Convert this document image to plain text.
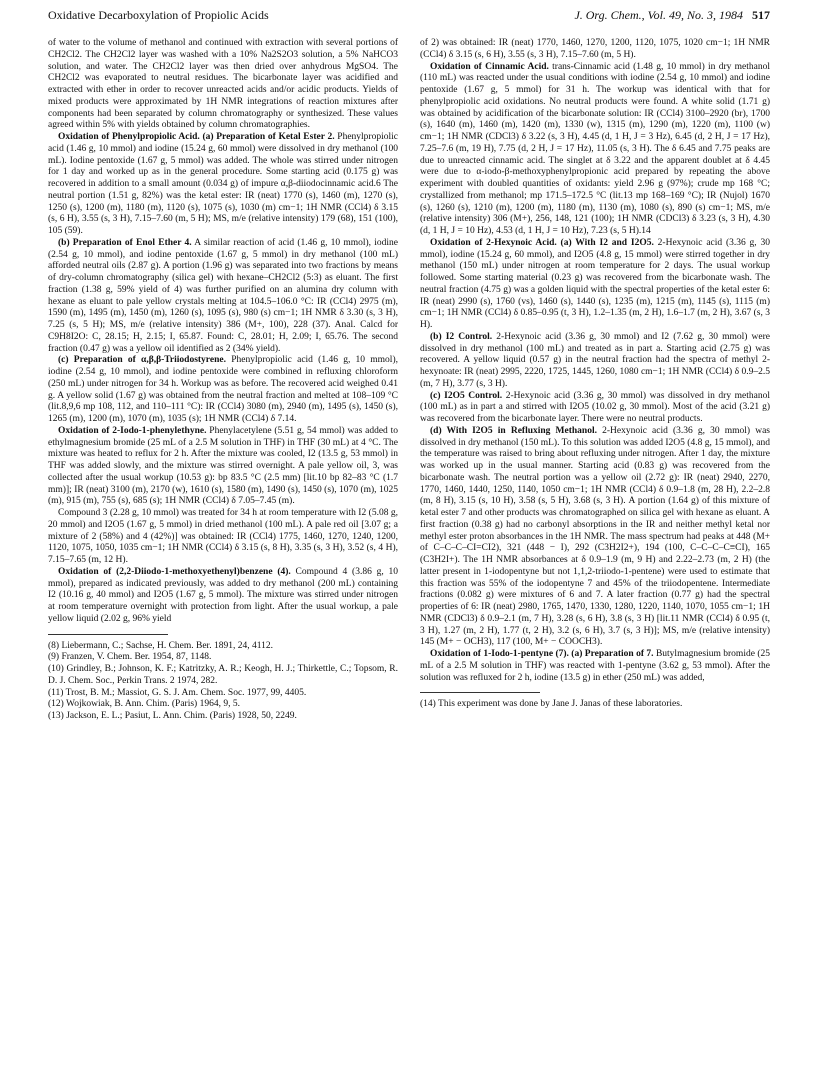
Oxidative Decarboxylation of Propiolic Acids	J. Org. Chem., Vol. 49, No. 3, 1984 517

of water to the volume of methanol and continued with extraction with several portions of CH2Cl2. The CH2Cl2 layer was washed with a 10% Na2S2O3 solution, a 5% NaHCO3 solution, and water. The CH2Cl2 layer was then dried over anhydrous MgSO4. The CH2Cl2 was evaporated to neutral residues. The bicarbonate layer was acidified and extracted with ether in order to recover unreacted acids and/or acidic products. Yields of mixed products were approximated by 1H NMR integrations of reaction mixtures after components had been separated by column chromatography or synthesized. These values agreed within 5% with yields obtained by column chromatographies.

Oxidation of Phenylpropiolic Acid. (a) Preparation of Ketal Ester 2. Phenylpropiolic acid (1.46 g, 10 mmol) and iodine (15.24 g, 60 mmol) were dissolved in dry methanol (100 mL). Iodine pentoxide (1.67 g, 5 mmol) was added. The whole was stirred under nitrogen for 1 day and worked up as in the general procedure. Some starting acid (0.175 g) was recovered in addition to a small amount (0.034 g) of impure α,β-diiodocinnamic acid.6 The neutral portion (1.51 g, 82%) was the ketal ester: IR (neat) 1770 (s), 1460 (m), 1270 (s), 1250 (s), 1200 (m), 1180 (m), 1120 (s), 1075 (s), 1030 (m) cm−1; 1H NMR (CCl4) δ 3.15 (s, 6 H), 3.55 (s, 3 H), 7.15–7.60 (m, 5 H); MS, m/e (relative intensity) 179 (68), 151 (100), 105 (59).

(b) Preparation of Enol Ether 4. A similar reaction of acid (1.46 g, 10 mmol), iodine (2.54 g, 10 mmol), and iodine pentoxide (1.67 g, 5 mmol) in dry methanol (100 mL) afforded neutral oils (2.87 g). A portion (1.96 g) was separated into two fractions by means of dry-column chromatography (silica gel) with hexane–CH2Cl2 (5:3) as eluant. The first fraction (1.38 g, 59% yield of 4) was further purified on an alumina dry column with hexane as eluant to pale yellow crystals melting at 104.5–106.0 °C: IR (CCl4) 2975 (m), 1590 (m), 1495 (m), 1450 (m), 1260 (s), 1095 (s), 980 (s) cm−1; 1H NMR δ 3.30 (s, 3 H), 7.25 (s, 5 H); MS, m/e (relative intensity) 386 (M+, 100), 228 (37). Anal. Calcd for C9H8I2O: C, 28.15; H, 2.15; I, 65.87. Found: C, 28.01; H, 2.09; I, 65.76. The second fraction (0.47 g) was a yellow oil identified as 2 (34% yield).

(c) Preparation of α,β,β-Triiodostyrene. Phenylpropiolic acid (1.46 g, 10 mmol), iodine (2.54 g, 10 mmol), and iodine pentoxide were combined in refluxing chloroform (250 mL) under nitrogen for 34 h. Workup was as before. The recovered acid weighed 0.41 g. A yellow solid (1.67 g) was obtained from the neutral fraction and melted at 108–109 °C (lit.8,9,6 mp 108, 112, and 110–111 °C): IR (CCl4) 3080 (m), 2940 (m), 1495 (s), 1450 (s), 1265 (m), 1200 (m), 1070 (m), 1035 (s); 1H NMR (CCl4) δ 7.14.

Oxidation of 2-Iodo-1-phenylethyne. Phenylacetylene (5.51 g, 54 mmol) was added to ethylmagnesium bromide (25 mL of a 2.5 M solution in THF) in THF (30 mL) at 4 °C. The mixture was heated to reflux for 2 h. After the mixture was cooled, I2 (13.5 g, 53 mmol) in THF was added slowly, and the mixture was stirred overnight. A pale yellow oil, 3, was collected after the usual workup (10.53 g): bp 83.5 °C (2.5 mm) [lit.10 bp 82–83 °C (1.7 mm)]; IR (neat) 3100 (m), 2170 (w), 1610 (s), 1580 (m), 1490 (s), 1450 (s), 1070 (m), 1025 (m), 915 (m), 755 (s), 685 (s); 1H NMR (CCl4) δ 7.05–7.45 (m).

Compound 3 (2.28 g, 10 mmol) was treated for 34 h at room temperature with I2 (5.08 g, 20 mmol) and I2O5 (1.67 g, 5 mmol) in dried methanol (100 mL). A pale red oil [3.07 g; a mixture of 2 (58%) and 4 (42%)] was obtained: IR (CCl4) 1775, 1460, 1270, 1240, 1200, 1120, 1075, 1050, 1035 cm−1; 1H NMR (CCl4) δ 3.15 (s, 8 H), 3.35 (s, 3 H), 3.52 (s, 4 H), 7.15–7.65 (m, 12 H).

Oxidation of (2,2-Diiodo-1-methoxyethenyl)benzene (4). Compound 4 (3.86 g, 10 mmol), prepared as indicated previously, was added to dry methanol (200 mL) containing I2 (10.16 g, 40 mmol) and I2O5 (1.67 g, 5 mmol). The mixture was stirred under nitrogen at room temperature overnight with protection from light. After the usual workup, a pale yellow liquid (2.02 g, 96% yield

(8) Liebermann, C.; Sachse, H. Chem. Ber. 1891, 24, 4112.

(9) Franzen, V. Chem. Ber. 1954, 87, 1148.

(10) Grindley, B.; Johnson, K. F.; Katritzky, A. R.; Keogh, H. J.; Thirkettle, C.; Topsom, R. D. J. Chem. Soc., Perkin Trans. 2 1974, 282.

(11) Trost, B. M.; Massiot, G. S. J. Am. Chem. Soc. 1977, 99, 4405.

(12) Wojkowiak, B. Ann. Chim. (Paris) 1964, 9, 5.

(13) Jackson, E. L.; Pasiut, L. Ann. Chim. (Paris) 1928, 50, 2249.

of 2) was obtained: IR (neat) 1770, 1460, 1270, 1200, 1120, 1075, 1020 cm−1; 1H NMR (CCl4) δ 3.15 (s, 6 H), 3.55 (s, 3 H), 7.15–7.60 (m, 5 H).

Oxidation of Cinnamic Acid. trans-Cinnamic acid (1.48 g, 10 mmol) in dry methanol (110 mL) was reacted under the usual conditions with iodine (2.54 g, 10 mmol) and iodine pentoxide (1.67 g, 5 mmol) for 31 h. The workup was identical with that for phenylpropiolic acid oxidations. No neutral products were found. A white solid (1.71 g) was obtained by acidification of the bicarbonate solution: IR (CCl4) 3100–2920 (br), 1700 (s), 1640 (m), 1460 (m), 1420 (m), 1330 (w), 1315 (m), 1290 (m), 1220 (m), 1100 (w) cm−1; 1H NMR (CDCl3) δ 3.22 (s, 3 H), 4.45 (d, 1 H, J = 3 Hz), 6.45 (d, 2 H, J = 17 Hz), 7.25–7.6 (m, 19 H), 7.75 (d, 2 H, J = 17 Hz), 11.05 (s, 3 H). The δ 6.45 and 7.75 peaks are due to unreacted cinnamic acid. The singlet at δ 3.22 and the apparent doublet at δ 4.45 were due to α-iodo-β-methoxyphenylpropionic acid prepared by repeating the above experiment with doubled quantities of oxidants: yield 2.96 g (97%); crude mp 168 °C; crystallized from methanol; mp 171.5–172.5 °C (lit.13 mp 168–169 °C); IR (Nujol) 1670 (s), 1260 (s), 1210 (m), 1200 (m), 1180 (m), 1130 (m), 1080 (s), 890 (s) cm−1; MS, m/e (relative intensity) 306 (M+), 256, 148, 121 (100); 1H NMR (CDCl3) δ 3.23 (s, 3 H), 4.30 (d, 1 H, J = 10 Hz), 4.53 (d, 1 H, J = 10 Hz), 7.23 (s, 5 H).14

Oxidation of 2-Hexynoic Acid. (a) With I2 and I2O5. 2-Hexynoic acid (3.36 g, 30 mmol), iodine (15.24 g, 60 mmol), and I2O5 (4.8 g, 15 mmol) were stirred together in dry methanol (150 mL) under nitrogen at room temperature for 2 days. The usual workup followed. Some starting material (0.23 g) was recovered from the bicarbonate wash. The neutral fraction (4.75 g) was a golden liquid with the spectral properties of the ketal ester 6: IR (neat) 2990 (s), 1760 (vs), 1460 (s), 1440 (s), 1235 (m), 1215 (m), 1145 (s), 1115 (m) cm−1; 1H NMR (CCl4) δ 0.85–0.95 (t, 3 H), 1.2–1.35 (m, 2 H), 1.6–1.7 (m, 2 H), 3.67 (s, 3 H).

(b) I2 Control. 2-Hexynoic acid (3.36 g, 30 mmol) and I2 (7.62 g, 30 mmol) were dissolved in dry methanol (100 mL) and treated as in part a. Starting acid (2.75 g) was recovered. A yellow liquid (0.57 g) in the neutral fraction had the spectra of methyl 2-hexynoate: IR (neat) 2995, 2220, 1725, 1445, 1260, 1080 cm−1; 1H NMR (CCl4) δ 0.9–2.5 (m, 7 H), 3.77 (s, 3 H).

(c) I2O5 Control. 2-Hexynoic acid (3.36 g, 30 mmol) was dissolved in dry methanol (100 mL) as in part a and stirred with I2O5 (10.02 g, 30 mmol). Most of the acid (3.21 g) was recovered from the bicarbonate layer. There were no neutral products.

(d) With I2O5 in Refluxing Methanol. 2-Hexynoic acid (3.36 g, 30 mmol) was dissolved in dry methanol (150 mL). To this solution was added I2O5 (4.8 g, 15 mmol), and the temperature was raised to bring about refluxing under nitrogen. After 1 day, the mixture was worked up in the usual manner. Starting acid (0.83 g) was recovered from the bicarbonate wash. The neutral portion was a yellow oil (2.72 g): IR (neat) 2940, 2270, 1770, 1460, 1440, 1250, 1140, 1050 cm−1; 1H NMR (CCl4) δ 0.9–1.8 (m, 28 H), 2.2–2.8 (m, 8 H), 3.15 (s, 10 H), 3.58 (s, 5 H), 3.68 (s, 3 H). A portion (1.64 g) of this mixture of ketal ester 7 and other products was chromatographed on silica gel with hexane as eluant. A first fraction (0.38 g) had no carbonyl absorptions in the IR and neither methyl ketal nor methyl ester proton absorbances in the 1H NMR. The mass spectrum had peaks at 448 (M+ of C–C–C–CI=CI2), 321 (448 − I), 292 (C3H2I2+), 194 (100, C–C–C–C≡CI), 165 (C3H2I+). The 1H NMR absorbances at δ 0.9–1.9 (m, 9 H) and 2.22–2.73 (m, 2 H) (the latter present in 1-iodopentyne but not 1,1,2-triiodo-1-pentene) were used to estimate that this fraction was 55% of the iodopentyne 7 and 45% of the triiodopentene. Intermediate fractions (0.082 g) were mixtures of 6 and 7. A later fraction (0.77 g) had the spectral properties of 6: IR (neat) 2980, 1765, 1470, 1330, 1280, 1220, 1140, 1070, 1055 cm−1; 1H NMR (CDCl3) δ 0.9–2.1 (m, 7 H), 3.28 (s, 6 H), 3.8 (s, 3 H) [lit.11 NMR (CCl4) δ 0.95 (t, 3 H), 1.27 (m, 2 H), 1.77 (t, 2 H), 3.2 (s, 6 H), 3.7 (s, 3 H)]; MS, m/e (relative intensity) 145 (M+ − OCH3), 117 (100, M+ − COOCH3).

Oxidation of 1-Iodo-1-pentyne (7). (a) Preparation of 7. Butylmagnesium bromide (25 mL of a 2.5 M solution in THF) was reacted with 1-pentyne (3.62 g, 53 mmol). After the solution was refluxed for 2 h, iodine (13.5 g) in ether (250 mL) was added,

(14) This experiment was done by Jane J. Janas of these laboratories.
